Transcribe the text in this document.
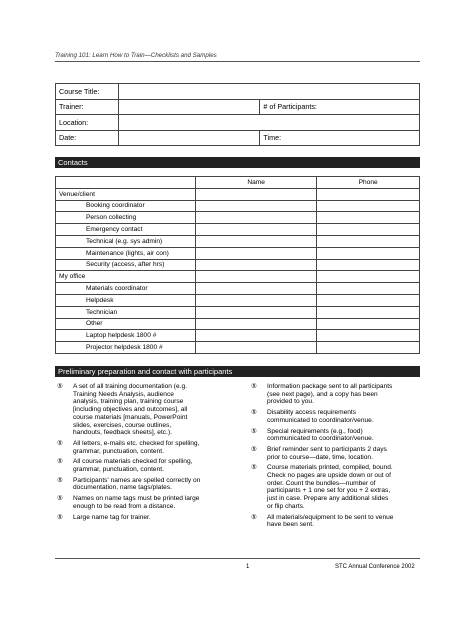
Training 101: Learn How to Train—Checklists and Samples
Course Title:		
Trainer:		# of Participants:
Location:		
Date:		Time:
Contacts
	Name	Phone
Venue/client		
Booking coordinator		
Person collecting		
Emergency contact		
Technical (e.g. sys admin)		
Maintenance (lights, air con)		
Security (access, after hrs)		
My office		
Materials coordinator		
Helpdesk		
Technician		
Other		
Laptop helpdesk 1800 #		
Projector helpdesk 1800 #		
Preliminary preparation and contact with participants
⑤	A set of all training documentation (e.g.
Training Needs Analysis, audience
analysis, training plan, training course
[including objectives and outcomes], all
course materials [manuals, PowerPoint
slides, exercises, course outlines,
handouts, feedback sheets], etc.).
⑤	All letters, e-mails etc. checked for spelling,
grammar, punctuation, content.
⑤	All course materials checked for spelling,
grammar, punctuation, content.
⑤	Participants' names are spelled correctly on
documentation, name tags/plates.
⑤	Names on name tags must be printed large
enough to be read from a distance.
⑤	Large name tag for trainer.
⑤	Information package sent to all participants
(see next page), and a copy has been
provided to you.
⑤	Disability access requirements
communicated to coordinator/venue.
⑤	Special requirements (e.g., food)
communicated to coordinator/venue.
⑤	Brief reminder sent to participants 2 days
prior to course—date, time, location.
⑤	Course materials printed, compiled, bound.
Check no pages are upside down or out of
order. Count the bundles—number of
participants + 1 one set for you + 2 extras,
just in case. Prepare any additional slides
or flip charts.
⑤	All materials/equipment to be sent to venue
have been sent.
1	STC Annual Conference 2002
